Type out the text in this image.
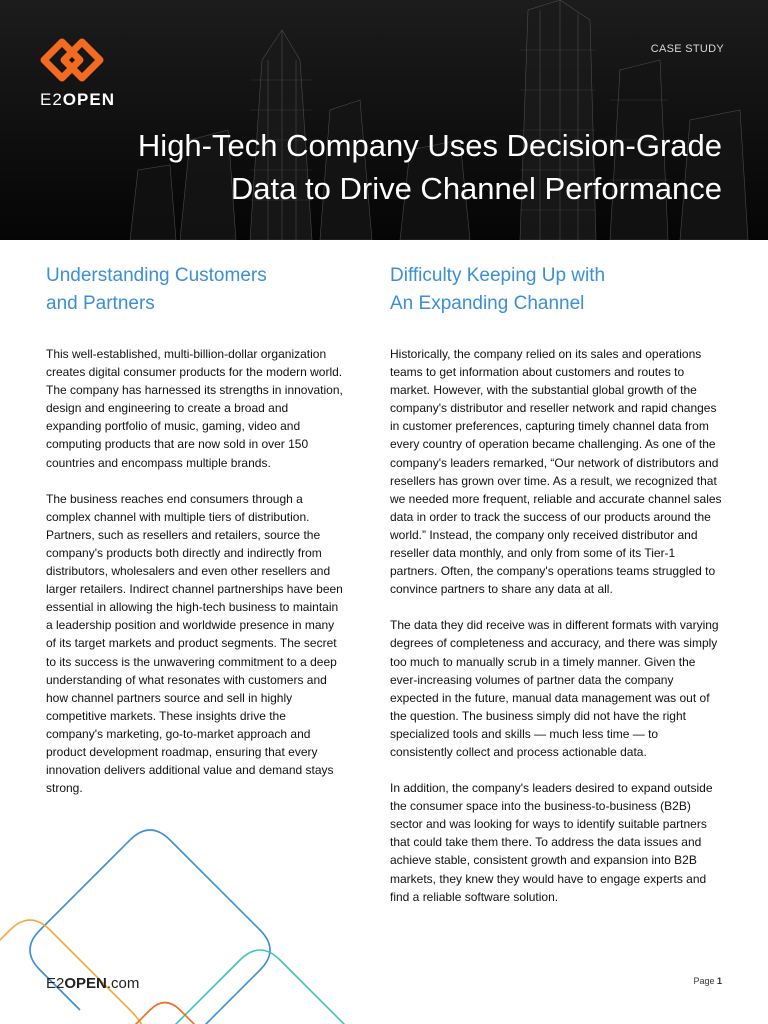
E2OPEN
CASE STUDY
High-Tech Company Uses Decision-Grade
Data to Drive Channel Performance
Understanding Customers
and Partners

This well-established, multi-billion-dollar organization creates digital consumer products for the modern world. The company has harnessed its strengths in innovation, design and engineering to create a broad and expanding portfolio of music, gaming, video and computing products that are now sold in over 150 countries and encompass multiple brands.

The business reaches end consumers through a complex channel with multiple tiers of distribution. Partners, such as resellers and retailers, source the company's products both directly and indirectly from distributors, wholesalers and even other resellers and larger retailers. Indirect channel partnerships have been essential in allowing the high-tech business to maintain a leadership position and worldwide presence in many of its target markets and product segments. The secret to its success is the unwavering commitment to a deep understanding of what resonates with customers and how channel partners source and sell in highly competitive markets. These insights drive the company's marketing, go-to-market approach and product development roadmap, ensuring that every innovation delivers additional value and demand stays strong.

Difficulty Keeping Up with
An Expanding Channel

Historically, the company relied on its sales and operations teams to get information about customers and routes to market. However, with the substantial global growth of the company's distributor and reseller network and rapid changes in customer preferences, capturing timely channel data from every country of operation became challenging. As one of the company's leaders remarked, “Our network of distributors and resellers has grown over time. As a result, we recognized that we needed more frequent, reliable and accurate channel sales data in order to track the success of our products around the world.” Instead, the company only received distributor and reseller data monthly, and only from some of its Tier-1 partners. Often, the company's operations teams struggled to convince partners to share any data at all.

The data they did receive was in different formats with varying degrees of completeness and accuracy, and there was simply too much to manually scrub in a timely manner. Given the ever-increasing volumes of partner data the company expected in the future, manual data management was out of the question. The business simply did not have the right specialized tools and skills — much less time — to consistently collect and process actionable data.

In addition, the company's leaders desired to expand outside the consumer space into the business-to-business (B2B) sector and was looking for ways to identify suitable partners that could take them there. To address the data issues and achieve stable, consistent growth and expansion into B2B markets, they knew they would have to engage experts and find a reliable software solution.

E2OPEN.com	Page 1
